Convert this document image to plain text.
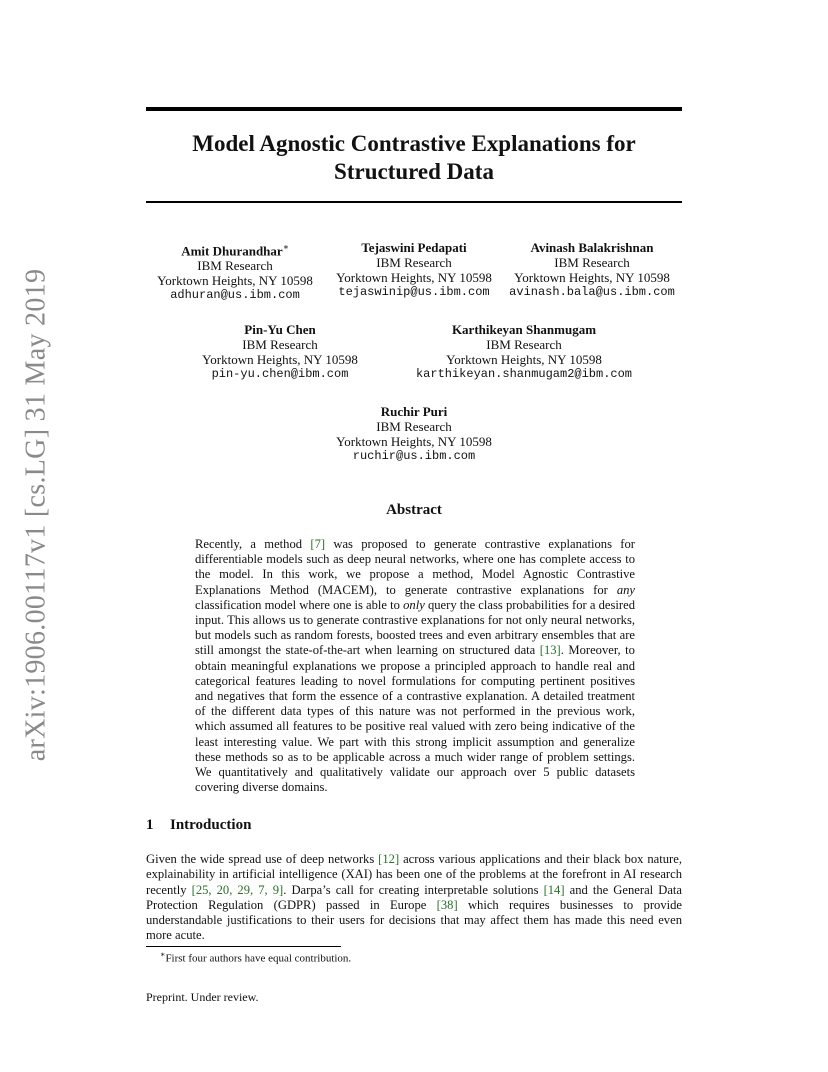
arXiv:1906.00117v1 [cs.LG] 31 May 2019
Model Agnostic Contrastive Explanations for Structured Data
Amit Dhurandhar∗
IBM Research
Yorktown Heights, NY 10598
adhuran@us.ibm.com
Tejaswini Pedapati
IBM Research
Yorktown Heights, NY 10598
tejaswinip@us.ibm.com
Avinash Balakrishnan
IBM Research
Yorktown Heights, NY 10598
avinash.bala@us.ibm.com
Pin-Yu Chen
IBM Research
Yorktown Heights, NY 10598
pin-yu.chen@ibm.com
Karthikeyan Shanmugam
IBM Research
Yorktown Heights, NY 10598
karthikeyan.shanmugam2@ibm.com
Ruchir Puri
IBM Research
Yorktown Heights, NY 10598
ruchir@us.ibm.com
Abstract
Recently, a method [7] was proposed to generate contrastive explanations for differentiable models such as deep neural networks, where one has complete access to the model. In this work, we propose a method, Model Agnostic Contrastive Explanations Method (MACEM), to generate contrastive explanations for any classification model where one is able to only query the class probabilities for a desired input. This allows us to generate contrastive explanations for not only neural networks, but models such as random forests, boosted trees and even arbitrary ensembles that are still amongst the state-of-the-art when learning on structured data [13]. Moreover, to obtain meaningful explanations we propose a principled approach to handle real and categorical features leading to novel formulations for computing pertinent positives and negatives that form the essence of a contrastive explanation. A detailed treatment of the different data types of this nature was not performed in the previous work, which assumed all features to be positive real valued with zero being indicative of the least interesting value. We part with this strong implicit assumption and generalize these methods so as to be applicable across a much wider range of problem settings. We quantitatively and qualitatively validate our approach over 5 public datasets covering diverse domains.
1 Introduction
Given the wide spread use of deep networks [12] across various applications and their black box nature, explainability in artificial intelligence (XAI) has been one of the problems at the forefront in AI research recently [25, 20, 29, 7, 9]. Darpa’s call for creating interpretable solutions [14] and the General Data Protection Regulation (GDPR) passed in Europe [38] which requires businesses to provide understandable justifications to their users for decisions that may affect them has made this need even more acute.
∗First four authors have equal contribution.
Preprint. Under review.
